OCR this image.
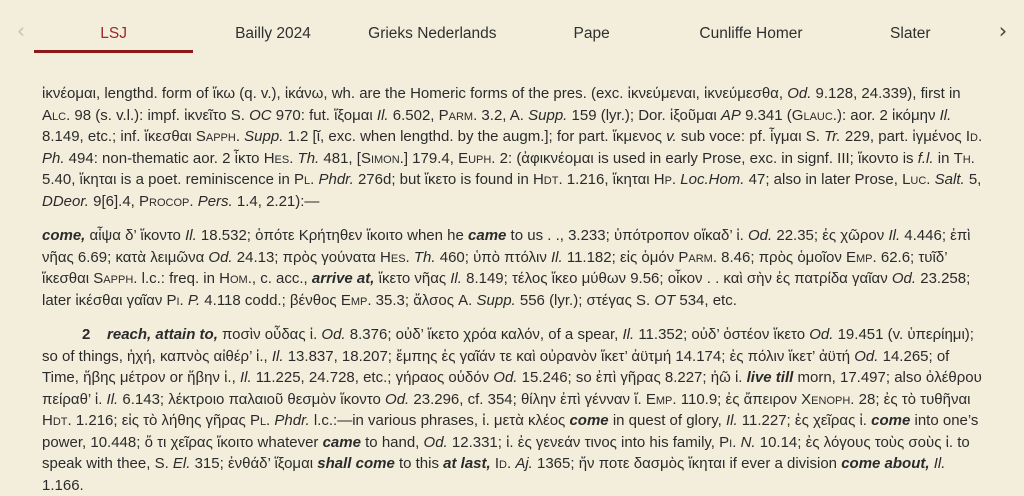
‹	LSJ	Bailly 2024	Grieks Nederlands	Pape	Cunliffe Homer	Slater	›

ἱκνέομαι, lengthd. form of ἵκω (q. v.), ἱκάνω, wh. are the Homeric forms of the pres. (exc. ἱκνεύμεναι, ἱκνεύμεσθα, Od. 9.128, 24.339), first in Alc. 98 (s. v.l.): impf. ἱκνεῖτο S. OC 970: fut. ἵξομαι Il. 6.502, Parm. 3.2, A. Supp. 159 (lyr.); Dor. ἱξοῦμαι AP 9.341 (Glauc.): aor. 2 ἱκόμην Il. 8.149, etc.; inf. ἵκεσθαι Sapph. Supp. 1.2 [ῐ, exc. when lengthd. by the augm.]; for part. ἵκμενος v. sub voce: pf. ἷγμαι S. Tr. 229, part. ἱγμένος Id. Ph. 494: non-thematic aor. 2 ἷκτο Hes. Th. 481, [Simon.] 179.4, Euph. 2: (ἀφικνέομαι is used in early Prose, exc. in signf. III; ἵκοντο is f.l. in Th. 5.40, ἵκηται is a poet. reminiscence in Pl. Phdr. 276d; but ἵκετο is found in Hdt. 1.216, ἵκηται Hp. Loc.Hom. 47; also in later Prose, Luc. Salt. 5, DDeor. 9[6].4, Procop. Pers. 1.4, 2.21):—

come, αἶψα δ’ ἵκοντο Il. 18.532; ὁπότε Κρήτηθεν ἵκοιτο when he came to us . ., 3.233; ὑπότροπον οἴκαδ’ ἱ. Od. 22.35; ἐς χῶρον Il. 4.446; ἐπὶ νῆας 6.69; κατὰ λειμῶνα Od. 24.13; πρὸς γούνατα Hes. Th. 460; ὑπὸ πτόλιν Il. 11.182; εἰς ὁμόν Parm. 8.46; πρὸς ὁμοῖον Emp. 62.6; τυῖδ’ ἵκεσθαι Sapph. l.c.: freq. in Hom., c. acc., arrive at, ἵκετο νῆας Il. 8.149; τέλος ἵκεο μύθων 9.56; οἶκον . . καὶ σὴν ἐς πατρίδα γαῖαν Od. 23.258; later ἱκέσθαι γαῖαν Pi. P. 4.118 codd.; βένθος Emp. 35.3; ἄλσος A. Supp. 556 (lyr.); στέγας S. OT 534, etc.

2 reach, attain to, ποσὶν οὖδας ἱ. Od. 8.376; οὐδ’ ἵκετο χρόα καλόν, of a spear, Il. 11.352; οὐδ’ ὀστέον ἵκετο Od. 19.451 (v. ὑπερίημι); so of things, ἠχή, καπνὸς αἰθέρ’ ἱ., Il. 13.837, 18.207; ἔμπης ἐς γαῖάν τε καὶ οὐρανὸν ἵκετ’ ἀϋτμή 14.174; ἐς πόλιν ἵκετ’ ἀϋτή Od. 14.265; of Time, ἥβης μέτρον or ἥβην ἱ., Il. 11.225, 24.728, etc.; γήραος οὐδόν Od. 15.246; so ἐπὶ γῆρας 8.227; ἠῶ ἱ. live till morn, 17.497; also ὀλέθρου πείραθ’ ἱ. Il. 6.143; λέκτροιο παλαιοῦ θεσμὸν ἵκοντο Od. 23.296, cf. 354; θίλην ἐπὶ γένναν ἵ. Emp. 110.9; ἐς ἄπειρον Xenoph. 28; ἐς τὸ τυθῆναι Hdt. 1.216; εἰς τὸ λήθης γῆρας Pl. Phdr. l.c.:—in various phrases, ἱ. μετὰ κλέος come in quest of glory, Il. 11.227; ἐς χεῖρας ἱ. come into one’s power, 10.448; ὅ τι χεῖρας ἵκοιτο whatever came to hand, Od. 12.331; ἱ. ἐς γενεάν τινος into his family, Pi. N. 10.14; ἐς λόγους τοὺς σοὺς ἱ. to speak with thee, S. El. 315; ἐνθάδ’ ἵξομαι shall come to this at last, Id. Aj. 1365; ἤν ποτε δασμὸς ἵκηται if ever a division come about, Il. 1.166.
